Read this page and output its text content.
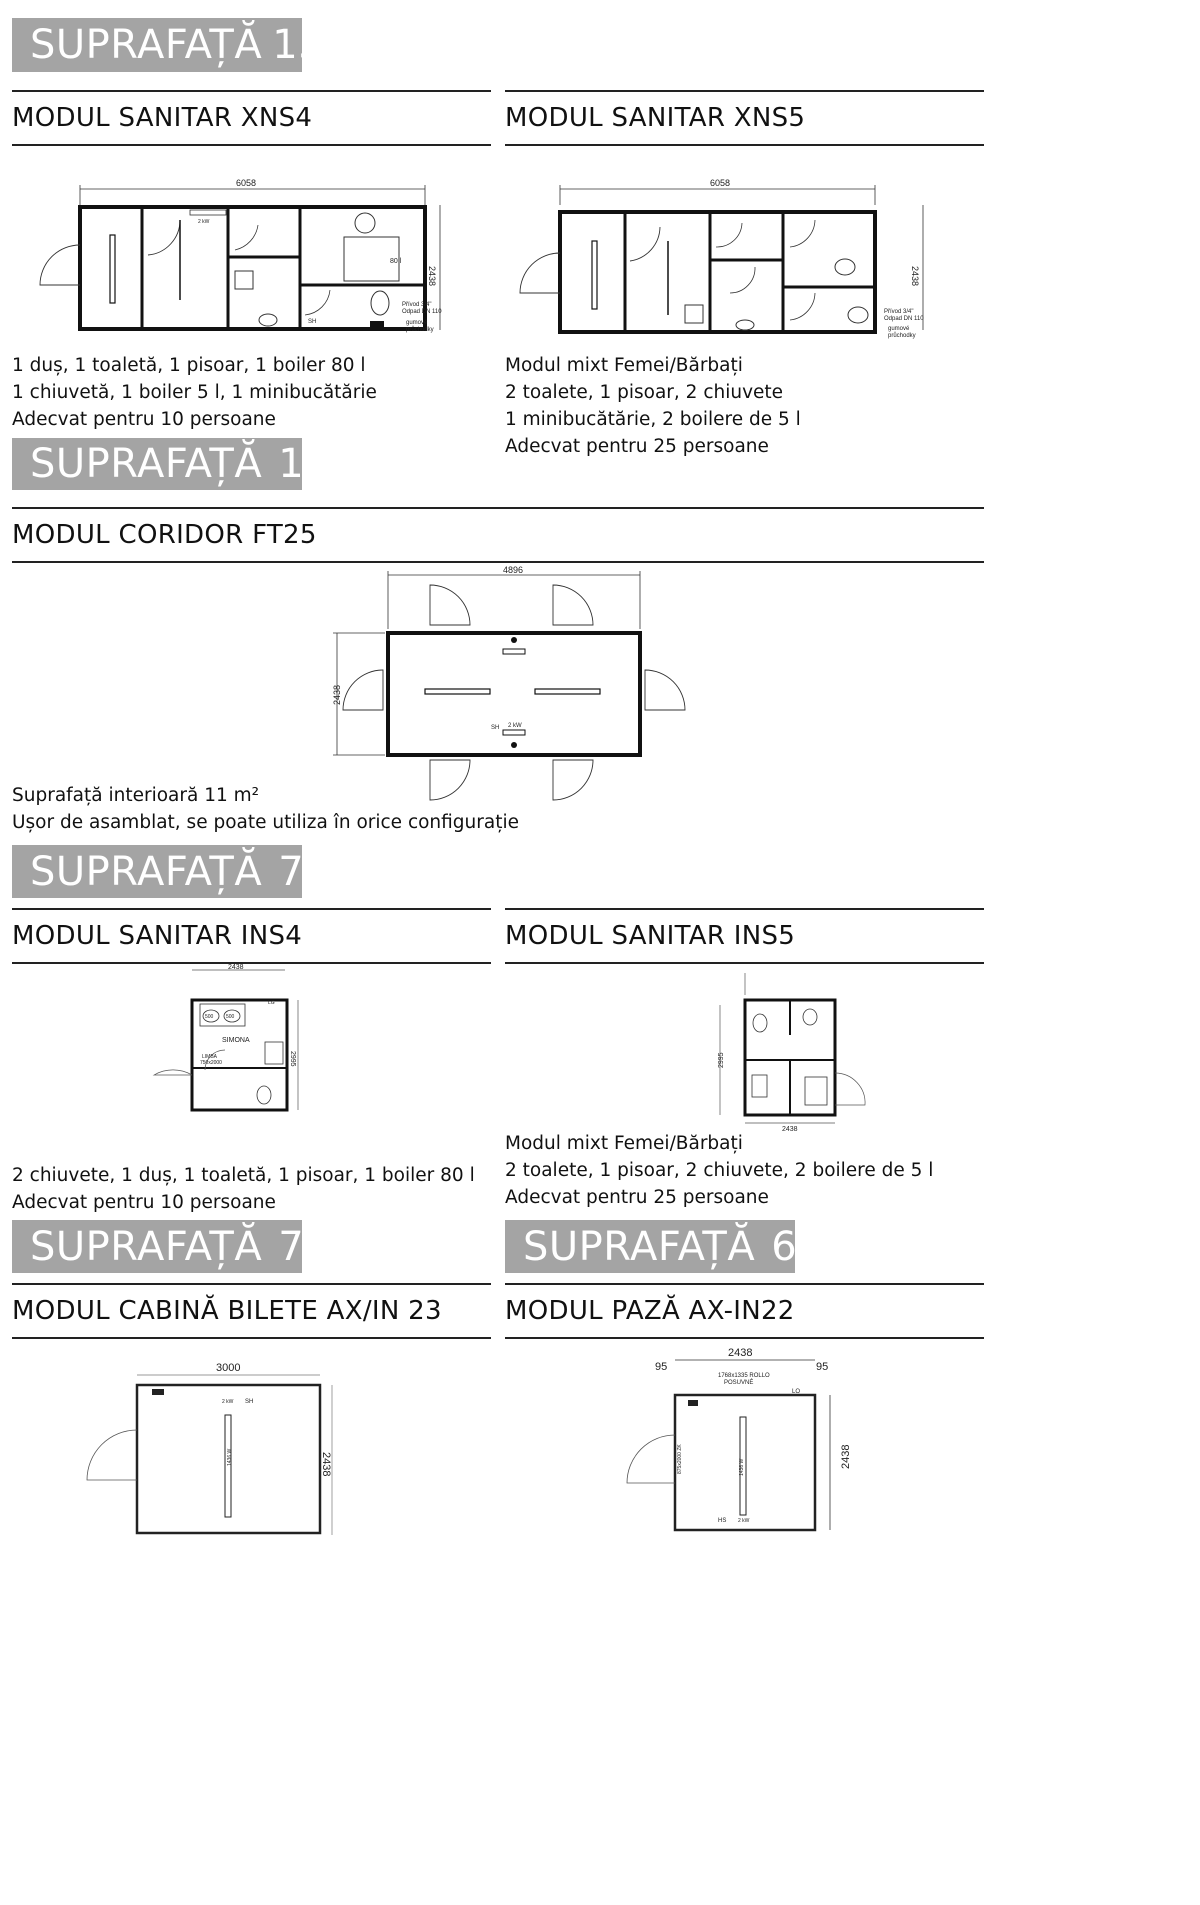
SUPRAFAȚĂ 15 $m^2$
MODUL SANITAR XNS4	MODUL SANITAR XNS5
6058
2438
80 l
SH
2 kW
Přívod 3/4"
Odpad DN 110
gumové
průchodky
6058
2438
Přívod 3/4"
Odpad DN 110
gumové
průchodky
1 duș, 1 toaletă, 1 pisoar, 1 boiler 80 l
1 chiuvetă, 1 boiler 5 l, 1 minibucătărie
Adecvat pentru 10 persoane
Modul mixt Femei/Bărbați
2 toalete, 1 pisoar, 2 chiuvete
1 minibucătărie, 2 boilere de 5 l
Adecvat pentru 25 persoane
SUPRAFAȚĂ 12 $m^2$
MODUL CORIDOR FT25
4896
2438
SH 2 kW
Suprafață interioară 11 m²
Ușor de asamblat, se poate utiliza în orice configurație
SUPRAFAȚĂ 7,5 $m^2$
MODUL SANITAR INS4	MODUL SANITAR INS5
2438
2995
500	500
SIMONA
LIMBA
750x2000
LG
2995
2438
2 chiuvete, 1 duș, 1 toaletă, 1 pisoar, 1 boiler 80 l
Adecvat pentru 10 persoane
Modul mixt Femei/Bărbați
2 toalete, 1 pisoar, 2 chiuvete, 2 boilere de 5 l
Adecvat pentru 25 persoane
SUPRAFAȚĂ 7,5 $m^2$	SUPRAFAȚĂ 6 $m^2$
MODUL CABINĂ BILETE AX/IN 23 MODUL PAZĂ AX-IN22
3000
2438
SH
2 kW
1436 W
2438
95	95
1768x1335 ROLLO
POSUVNÉ
LO
2438
875x2000 ZK	1436 W
HS 2 kW
